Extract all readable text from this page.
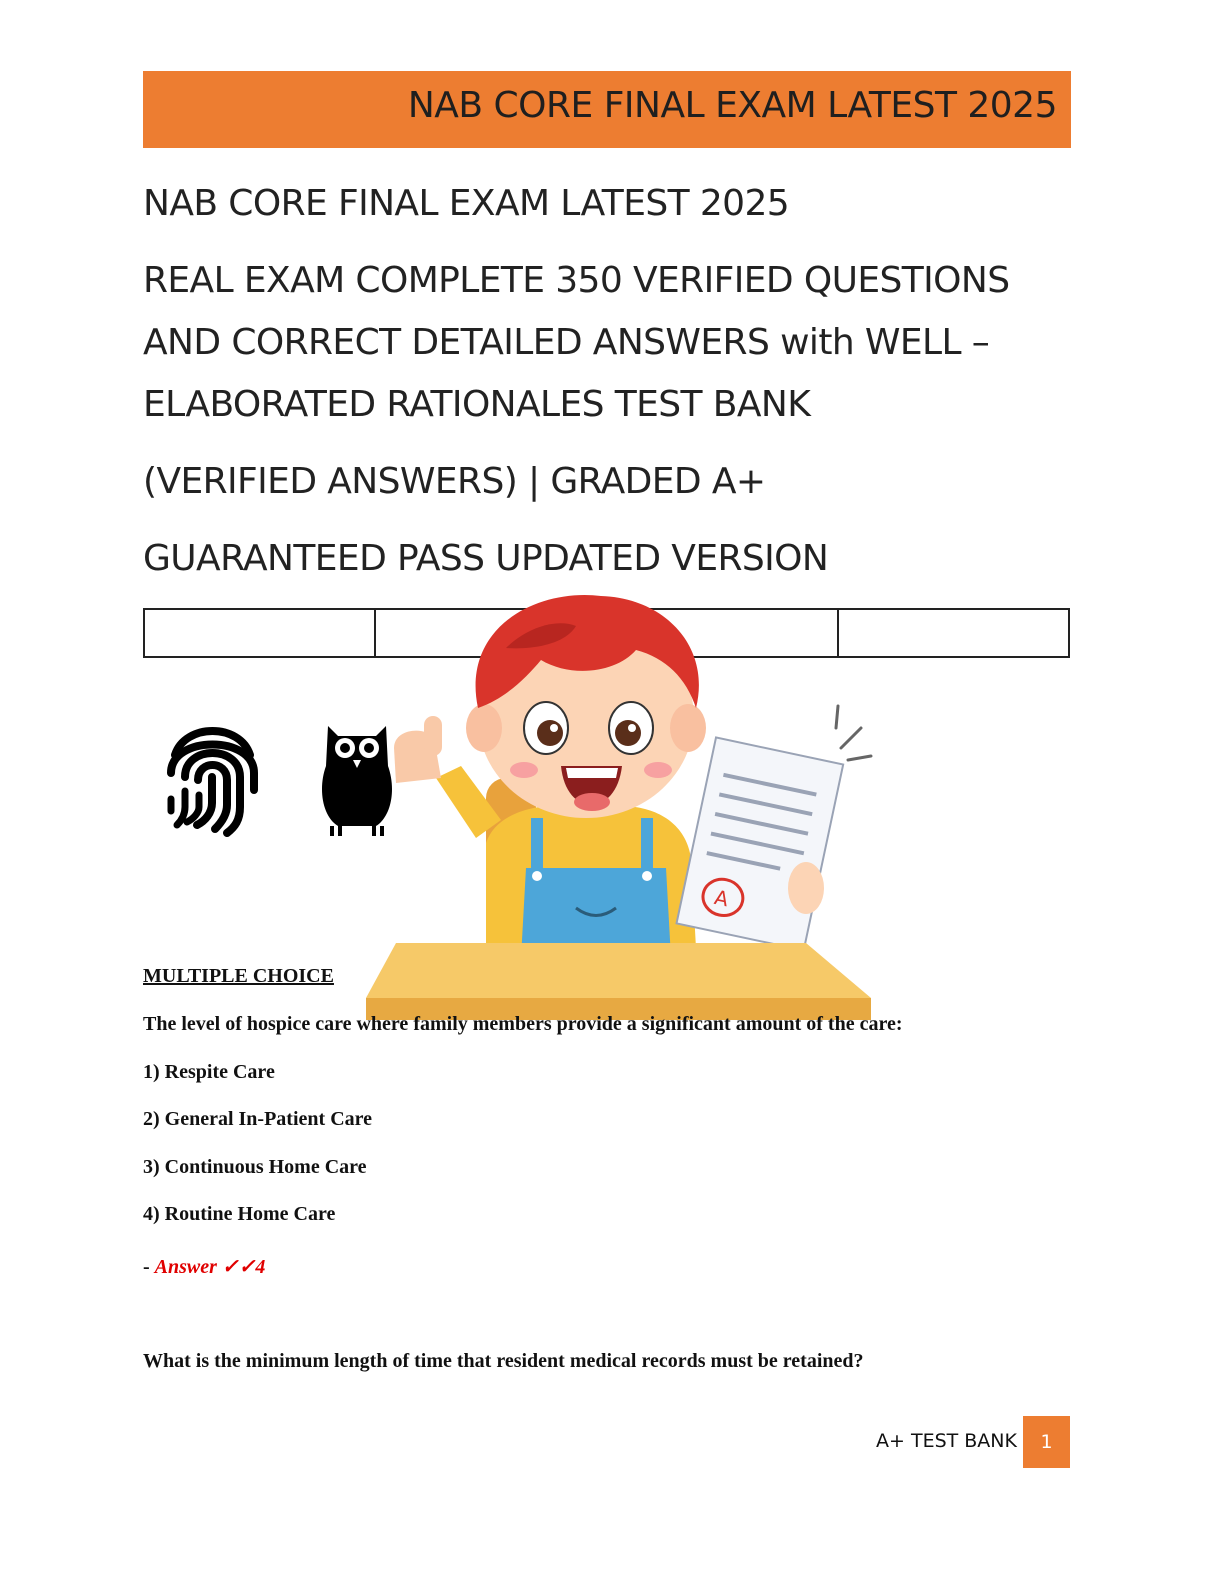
NAB CORE FINAL EXAM LATEST 2025
NAB CORE FINAL EXAM LATEST 2025
REAL EXAM COMPLETE 350 VERIFIED QUESTIONS
AND CORRECT DETAILED ANSWERS with WELL –
ELABORATED RATIONALES TEST BANK
(VERIFIED ANSWERS) | GRADED A+
GUARANTEED PASS UPDATED VERSION

A
MULTIPLE CHOICE
The level of hospice care where family members provide a significant amount of the care:
1) Respite Care
2) General In-Patient Care
3) Continuous Home Care
4) Routine Home Care
- Answer ✓✓4
What is the minimum length of time that resident medical records must be retained?
A+ TEST BANK	1
